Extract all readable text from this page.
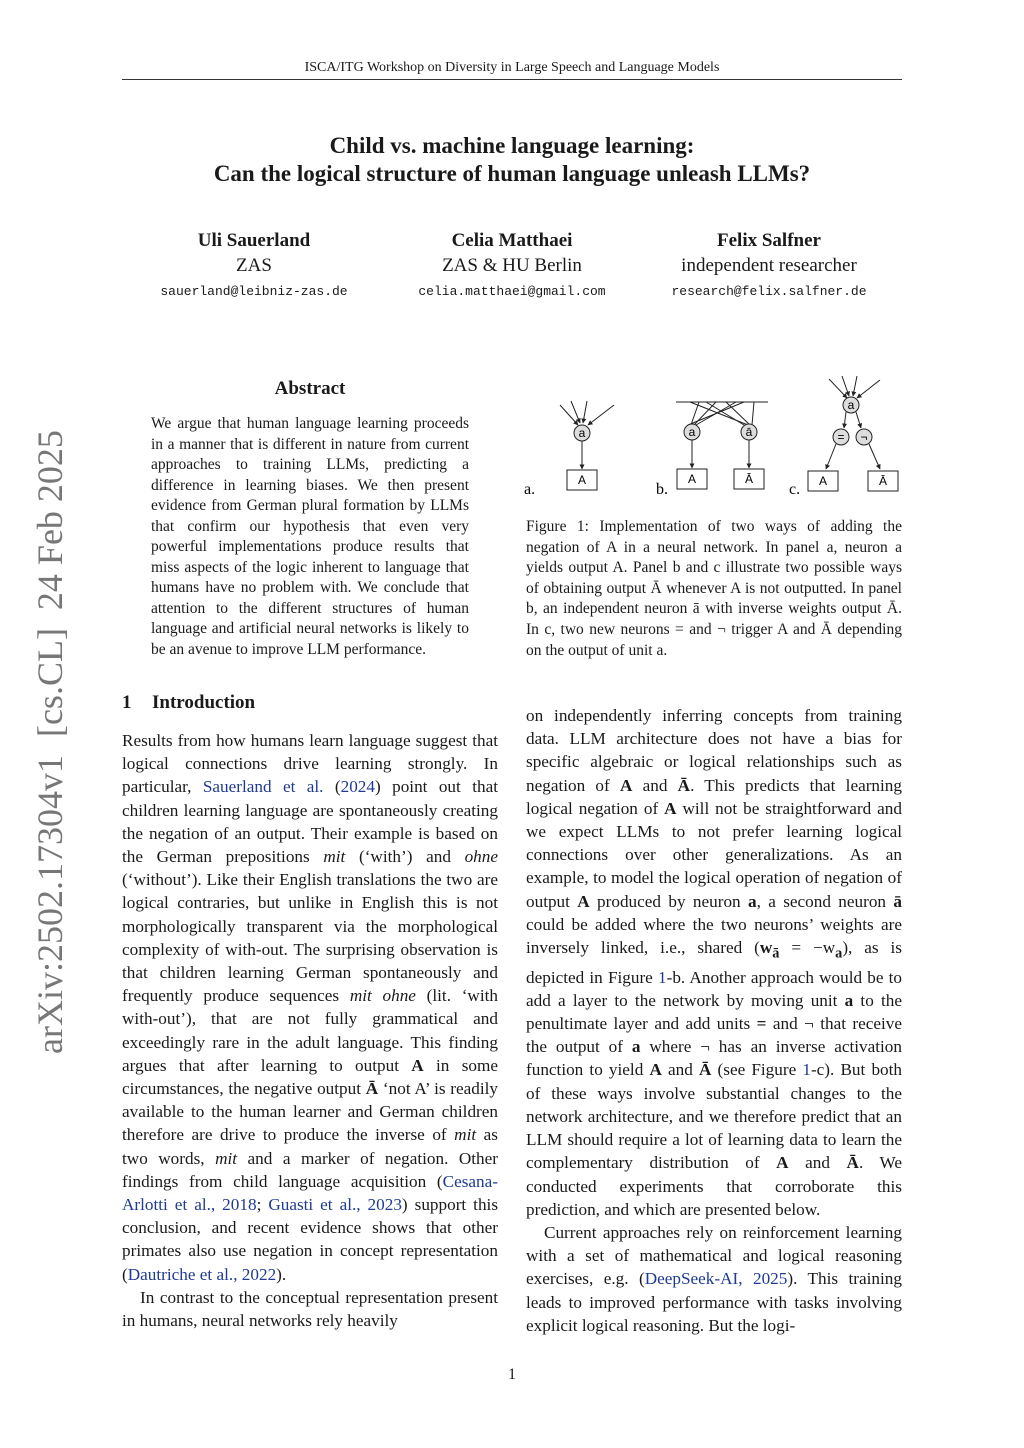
ISCA/ITG Workshop on Diversity in Large Speech and Language Models
Child vs. machine language learning:
Can the logical structure of human language unleash LLMs?
Uli Sauerland
ZAS
sauerland@leibniz-zas.de
Celia Matthaei
ZAS & HU Berlin
celia.matthaei@gmail.com
Felix Salfner
independent researcher
research@felix.salfner.de
arXiv:2502.17304v1  [cs.CL]  24 Feb 2025
Abstract
We argue that human language learning proceeds in a manner that is different in nature from current approaches to training LLMs, predicting a difference in learning biases. We then present evidence from German plural formation by LLMs that confirm our hypothesis that even very powerful implementations produce results that miss aspects of the logic inherent to language that humans have no problem with. We conclude that attention to the different structures of human language and artificial neural networks is likely to be an avenue to improve LLM performance.
1 Introduction

Results from how humans learn language suggest that logical connections drive learning strongly. In particular, Sauerland et al. (2024) point out that children learning language are spontaneously creating the negation of an output. Their example is based on the German prepositions mit (‘with’) and ohne (‘without’). Like their English translations the two are logical contraries, but unlike in English this is not morphologically transparent via the morphological complexity of with-out. The surprising observation is that children learning German spontaneously and frequently produce sequences mit ohne (lit. ‘with with-out’), that are not fully grammatical and exceedingly rare in the adult language. This finding argues that after learning to output A in some circumstances, the negative output Ā ‘not A’ is readily available to the human learner and German children therefore are drive to produce the inverse of mit as two words, mit and a marker of negation. Other findings from child language acquisition (Cesana-Arlotti et al., 2018; Guasti et al., 2023) support this conclusion, and recent evidence shows that other primates also use negation in concept representation (Dautriche et al., 2022).

In contrast to the conceptual representation present in humans, neural networks rely heavily

a
A
a.
a	ā
A	Ā
b.
a
= ¬
A	Ā
c.
Figure 1: Implementation of two ways of adding the negation of A in a neural network. In panel a, neuron a yields output A. Panel b and c illustrate two possible ways of obtaining output Ā whenever A is not outputted. In panel b, an independent neuron ā with inverse weights output Ā. In c, two new neurons = and ¬ trigger A and Ā depending on the output of unit a.

on independently inferring concepts from training data. LLM architecture does not have a bias for specific algebraic or logical relationships such as negation of A and Ā. This predicts that learning logical negation of A will not be straightforward and we expect LLMs to not prefer learning logical connections over other generalizations. As an example, to model the logical operation of negation of output A produced by neuron a, a second neuron ā could be added where the two neurons’ weights are inversely linked, i.e., shared $(w_ā = -w_a)$, as is depicted in Figure 1-b. Another approach would be to add a layer to the network by moving unit a to the penultimate layer and add units = and ¬ that receive the output of a where ¬ has an inverse activation function to yield A and Ā (see Figure 1-c). But both of these ways involve substantial changes to the network architecture, and we therefore predict that an LLM should require a lot of learning data to learn the complementary distribution of A and Ā. We conducted experiments that corroborate this prediction, and which are presented below.

Current approaches rely on reinforcement learning with a set of mathematical and logical reasoning exercises, e.g. (DeepSeek-AI, 2025). This training leads to improved performance with tasks involving explicit logical reasoning. But the logi-

1
